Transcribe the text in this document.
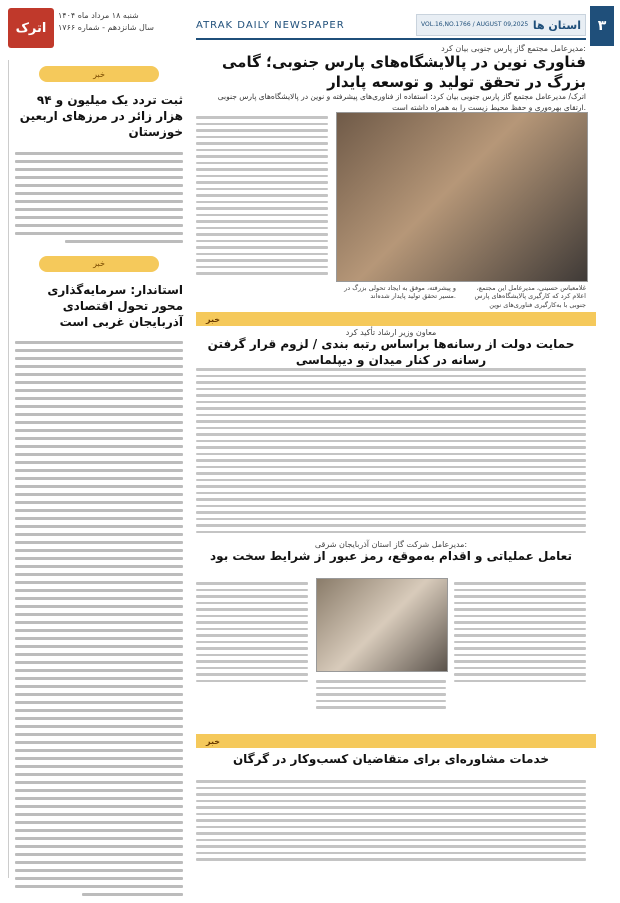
۳
VOL.16,NO.1766 / AUGUST 09,2025 استان ها
ATRAK DAILY NEWSPAPER
اترک
شنبه ۱۸ مرداد ماه ۱۴۰۴
سال شانزدهم - شماره ۱۷۶۶
خبر
ثبت تردد یک میلیون و ۹۴ هزار زائر در مرزهای اربعین خوزستان
خبر
استاندار: سرمایه‌گذاری محور تحول اقتصادی آذربایجان غربی است
مدیرعامل مجتمع گاز پارس جنوبی بیان کرد:
فناوری نوین در پالایشگاه‌های پارس جنوبی؛ گامی بزرگ در تحقق تولید و توسعه پایدار
اترک/ مدیرعامل مجتمع گاز پارس جنوبی بیان کرد: استفاده از فناوری‌های پیشرفته و نوین در پالایشگاه‌های پارس جنوبی ارتقای بهره‌وری و حفظ محیط زیست را به همراه داشته است.
غلامعباس حسینی، مدیرعامل این مجتمع، اعلام کرد که کارگیری پالایشگاه‌های پارس جنوبی با به‌کارگیری فناوری‌های نوین
و پیشرفته، موفق به ایجاد تحولی بزرگ در مسیر تحقق تولید پایدار شده‌اند.
خبر
معاون وزیر ارشاد تأکید کرد
حمایت دولت از رسانه‌ها براساس رتبه بندی / لزوم قرار گرفتن رسانه در کنار میدان و دیپلماسی
مدیرعامل شرکت گاز استان آذربایجان شرقی:
تعامل عملیاتی و اقدام به‌موقع، رمز عبور از شرایط سخت بود
خبر
خدمات مشاوره‌ای برای متقاضیان کسب‌وکار در گرگان
